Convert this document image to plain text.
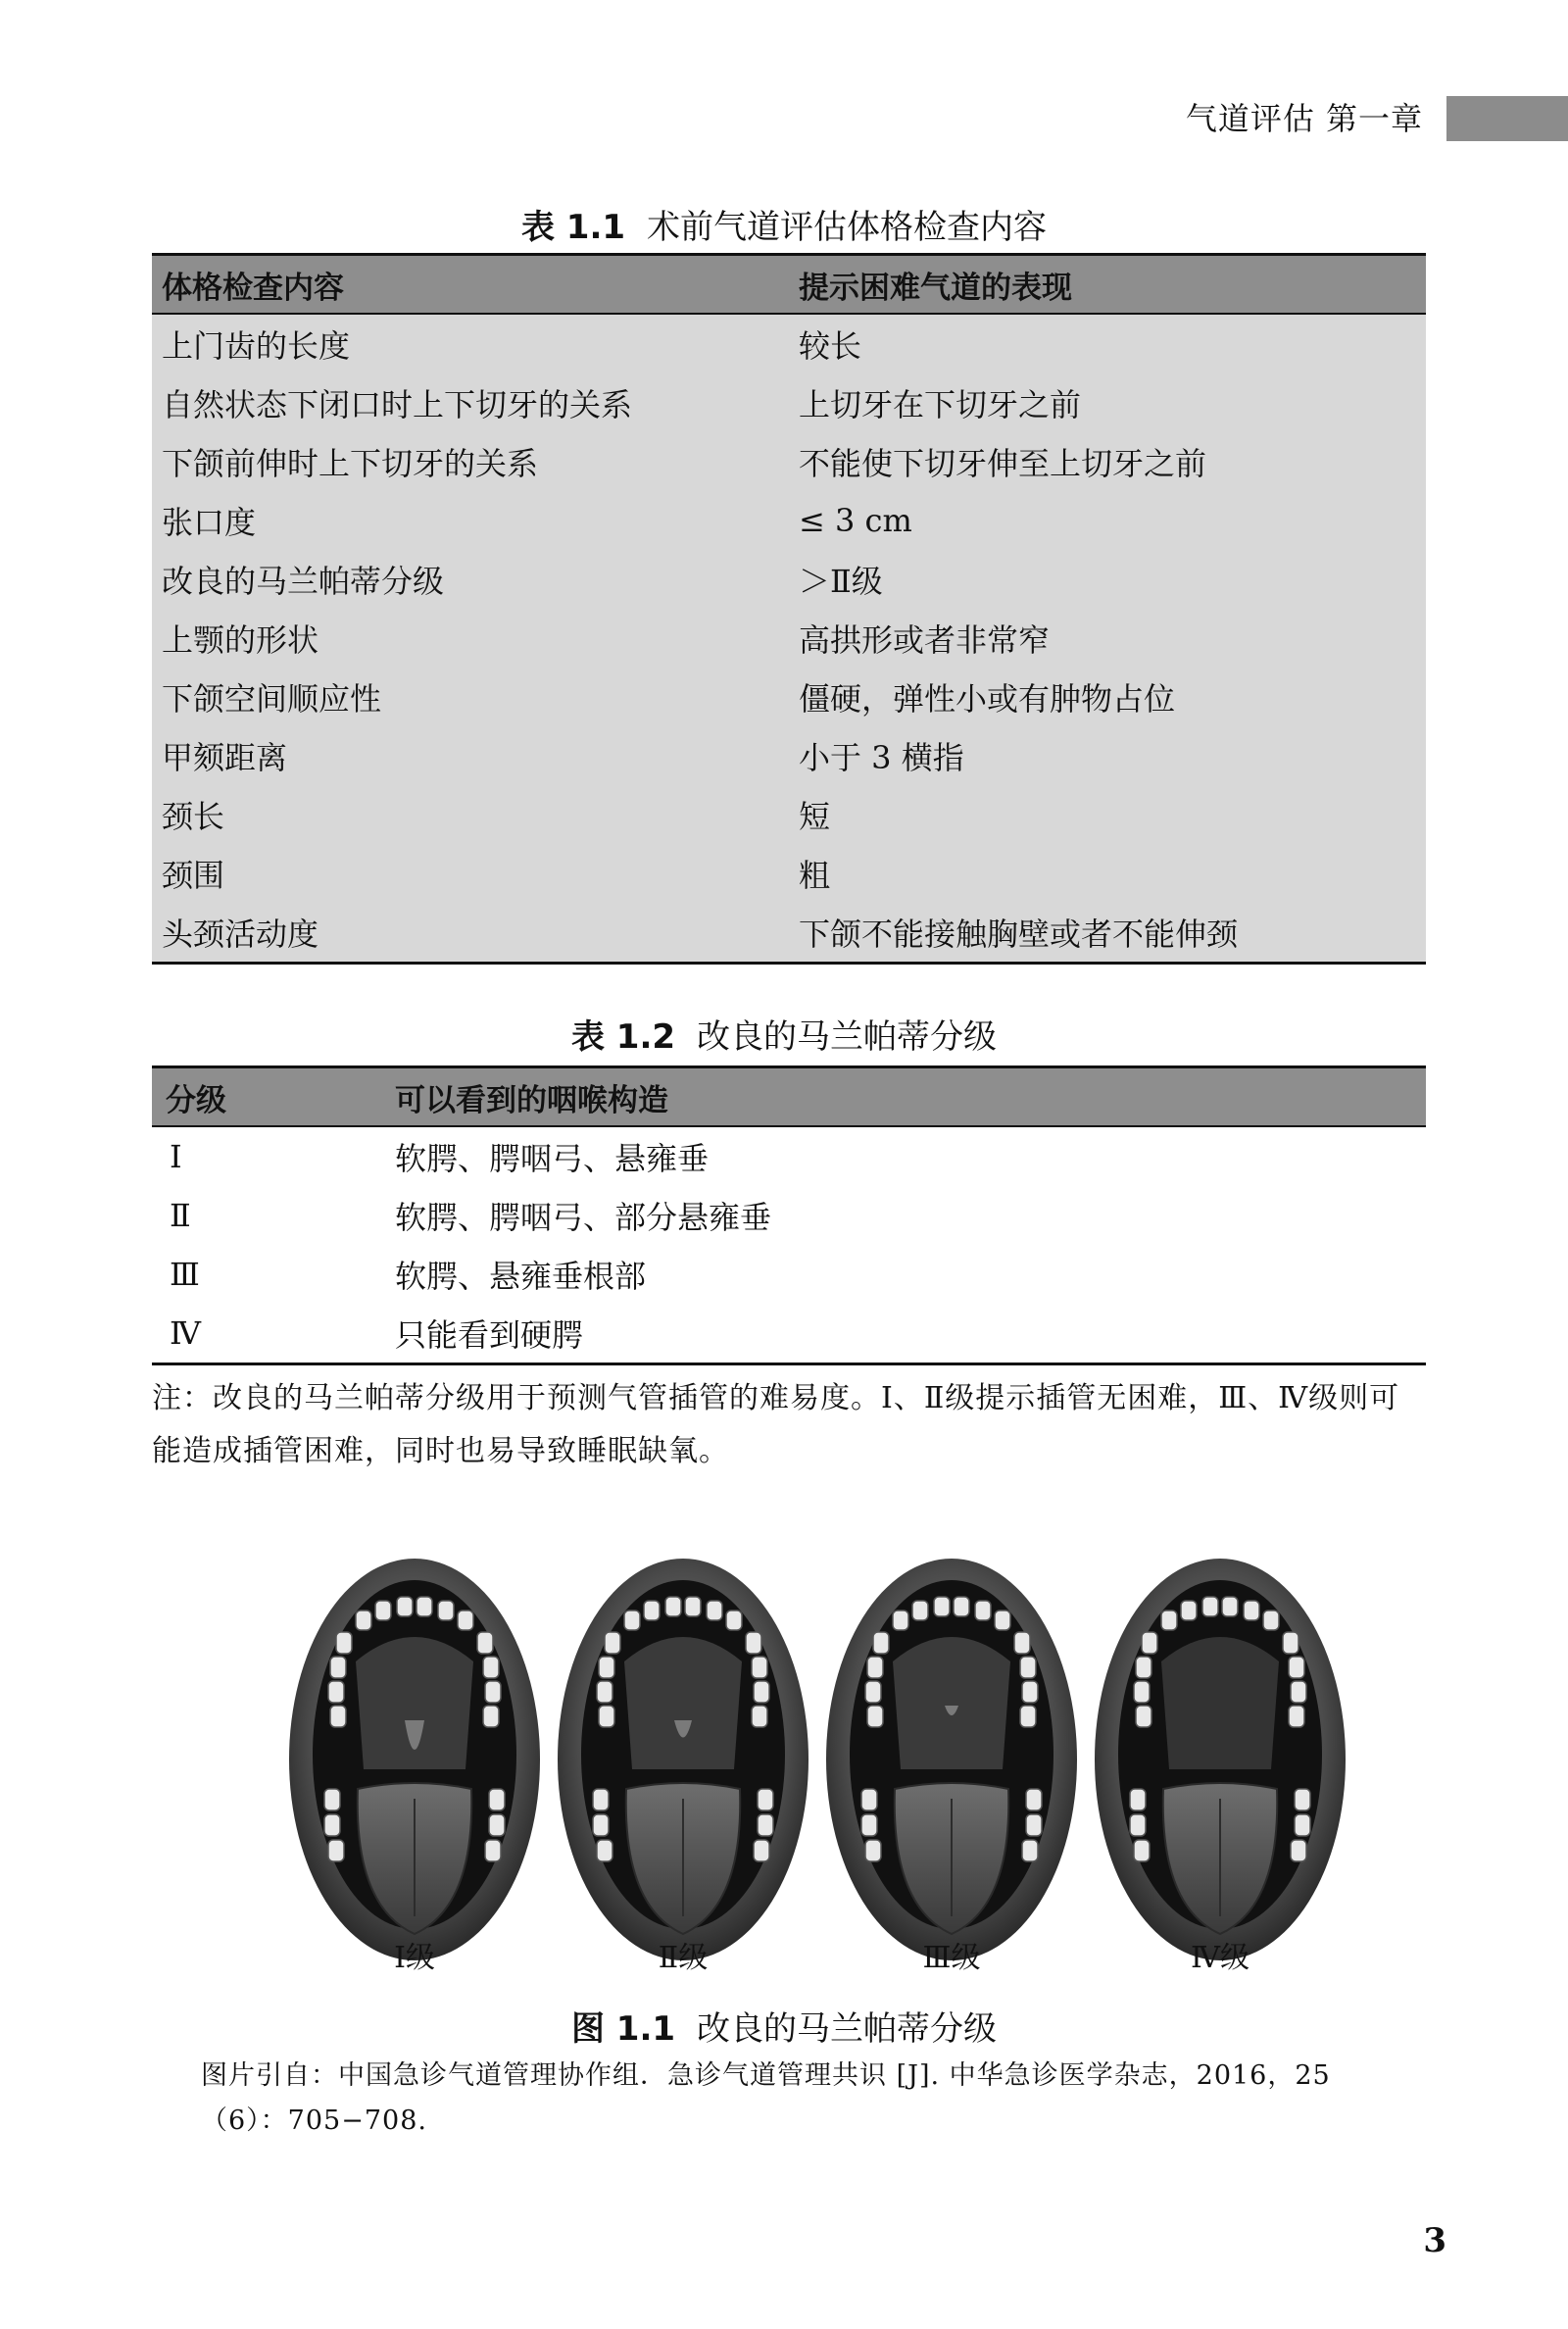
气道评估 第一章
表 1.1 术前气道评估体格检查内容
体格检查内容	提示困难气道的表现
上门齿的长度	较长
自然状态下闭口时上下切牙的关系	上切牙在下切牙之前
下颌前伸时上下切牙的关系	不能使下切牙伸至上切牙之前
张口度	≤ 3 cm
改良的马兰帕蒂分级	＞Ⅱ级
上颚的形状	高拱形或者非常窄
下颌空间顺应性	僵硬，弹性小或有肿物占位
甲颏距离	小于 3 横指
颈长	短
颈围	粗
头颈活动度	下颌不能接触胸壁或者不能伸颈
表 1.2 改良的马兰帕蒂分级
分级	可以看到的咽喉构造
Ⅰ	软腭、腭咽弓、悬雍垂
Ⅱ	软腭、腭咽弓、部分悬雍垂
Ⅲ	软腭、悬雍垂根部
Ⅳ	只能看到硬腭
注：改良的马兰帕蒂分级用于预测气管插管的难易度。Ⅰ、Ⅱ级提示插管无困难，Ⅲ、Ⅳ级则可能造成插管困难，同时也易导致睡眠缺氧。
Ⅰ级	Ⅱ级	Ⅲ级	Ⅳ级
图 1.1 改良的马兰帕蒂分级
图片引自：中国急诊气道管理协作组．急诊气道管理共识 [J]. 中华急诊医学杂志，2016，25（6）：705−708.
3
